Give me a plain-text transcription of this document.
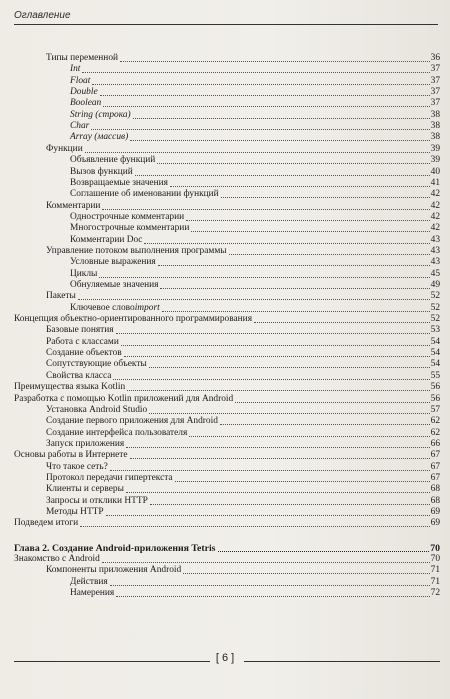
Оглавление
Типы переменной	36
Int	37
Float	37
Double	37
Boolean	37
String (строка)	38
Char	38
Array (массив)	38
Функции	39
Объявление функций	39
Вызов функций	40
Возвращаемые значения	41
Соглашение об именовании функций	42
Комментарии	42
Однострочные комментарии	42
Многострочные комментарии	42
Комментарии Doc	43
Управление потоком выполнения программы	43
Условные выражения	43
Циклы	45
Обнуляемые значения	49
Пакеты	52
Ключевое слово import	52
Концепция объектно-ориентированного программирования	52
Базовые понятия	53
Работа с классами	54
Создание объектов	54
Сопутствующие объекты	54
Свойства класса	55
Преимущества языка Kotlin	56
Разработка с помощью Kotlin приложений для Android	56
Установка Android Studio	57
Создание первого приложения для Android	62
Создание интерфейса пользователя	62
Запуск приложения	66
Основы работы в Интернете	67
Что такое сеть?	67
Протокол передачи гипертекста	67
Клиенты и серверы	68
Запросы и отклики HTTP	68
Методы HTTP	69
Подведем итоги	69
Глава 2. Создание Android-приложения Tetris	70
Знакомство с Android	70
Компоненты приложения Android	71
Действия	71
Намерения	72
[ 6 ]
